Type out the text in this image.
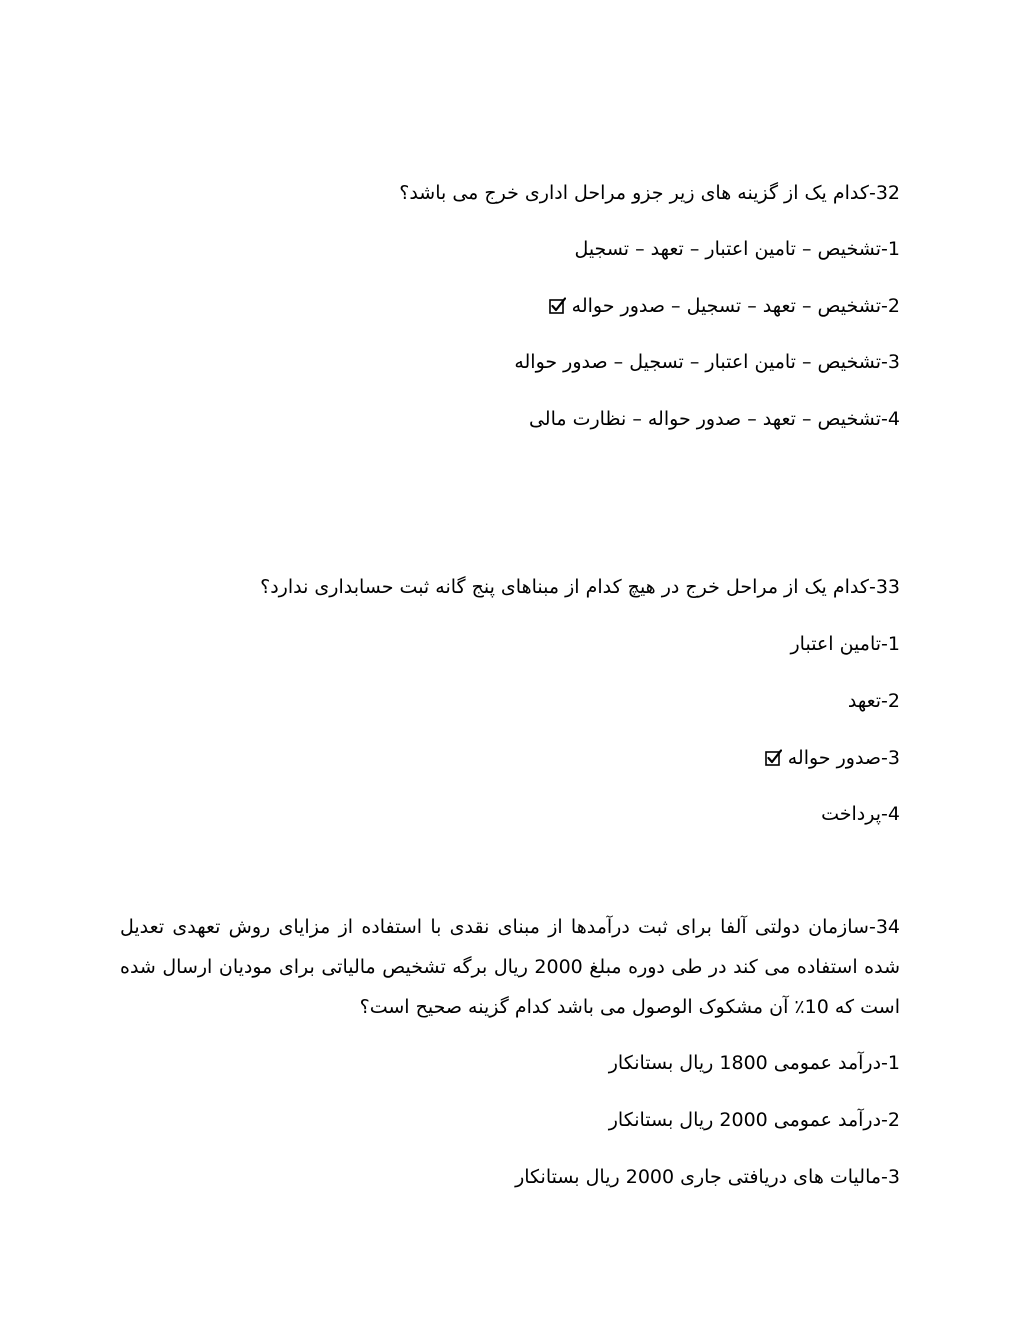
32-کدام یک از گزینه های زیر جزو مراحل اداری خرج می باشد؟
1-تشخیص – تامین اعتبار – تعهد – تسجیل
2-تشخیص – تعهد – تسجیل – صدور حواله
3-تشخیص – تامین اعتبار – تسجیل – صدور حواله
4-تشخیص – تعهد – صدور حواله – نظارت مالی
33-کدام یک از مراحل خرج در هیچ کدام از مبناهای پنج گانه ثبت حسابداری ندارد؟
1-تامین اعتبار
2-تعهد
3-صدور حواله
4-پرداخت
34-سازمان دولتی آلفا برای ثبت درآمدها از مبنای نقدی با استفاده از مزایای روش تعهدی تعدیل شده استفاده می کند در طی دوره مبلغ 2000 ریال برگه تشخیص مالیاتی برای مودیان ارسال شده است که 10٪ آن مشکوک الوصول می باشد کدام گزینه صحیح است؟
1-درآمد عمومی 1800 ریال بستانکار
2-درآمد عمومی 2000 ریال بستانکار
3-مالیات های دریافتی جاری 2000 ریال بستانکار
